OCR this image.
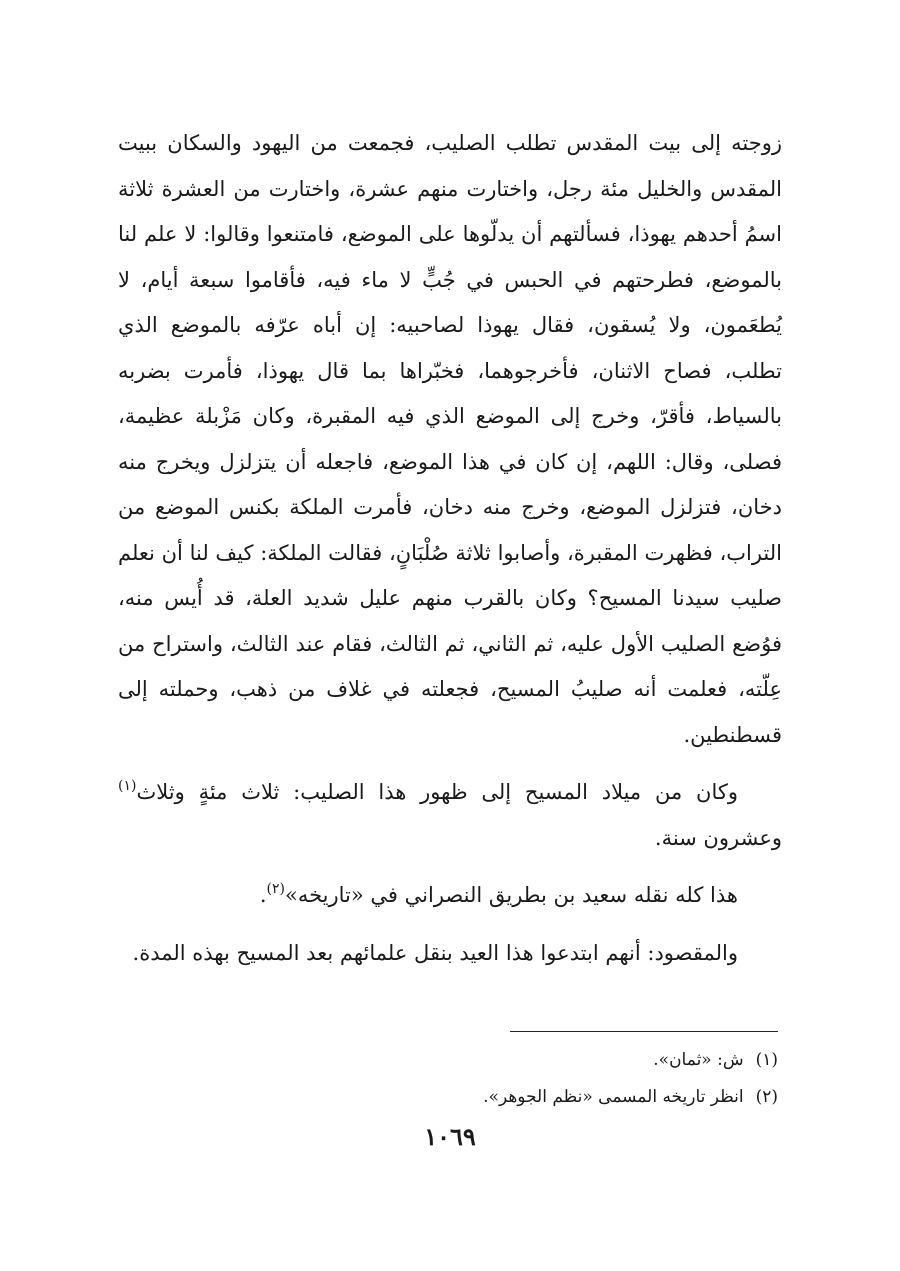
زوجته إلى بيت المقدس تطلب الصليب، فجمعت من اليهود والسكان ببيت المقدس والخليل مئة رجل، واختارت منهم عشرة، واختارت من العشرة ثلاثة اسمُ أحدهم يهوذا، فسألتهم أن يدلّوها على الموضع، فامتنعوا وقالوا: لا علم لنا بالموضع، فطرحتهم في الحبس في جُبٍّ لا ماء فيه، فأقاموا سبعة أيام، لا يُطعَمون، ولا يُسقون، فقال يهوذا لصاحبيه: إن أباه عرّفه بالموضع الذي تطلب، فصاح الاثنان، فأخرجوهما، فخبّراها بما قال يهوذا، فأمرت بضربه بالسياط، فأقرّ، وخرج إلى الموضع الذي فيه المقبرة، وكان مَزْبلة عظيمة، فصلى، وقال: اللهم، إن كان في هذا الموضع، فاجعله أن يتزلزل ويخرج منه دخان، فتزلزل الموضع، وخرج منه دخان، فأمرت الملكة بكنس الموضع من التراب، فظهرت المقبرة، وأصابوا ثلاثة صُلْبَانٍ، فقالت الملكة: كيف لنا أن نعلم صليب سيدنا المسيح؟ وكان بالقرب منهم عليل شديد العلة، قد أُيس منه، فوُضع الصليب الأول عليه، ثم الثاني، ثم الثالث، فقام عند الثالث، واستراح من عِلّته، فعلمت أنه صليبُ المسيح، فجعلته في غلاف من ذهب، وحملته إلى قسطنطين.

وكان من ميلاد المسيح إلى ظهور هذا الصليب: ثلاث مئةٍ وثلاث$^{(١)}$ وعشرون سنة.

هذا كله نقله سعيد بن بطريق النصراني في «تاريخه»$^{(٢)}$.

والمقصود: أنهم ابتدعوا هذا العيد بنقل علمائهم بعد المسيح بهذه المدة.

(١)ش: «ثمان».
(٢)انظر تاريخه المسمى «نظم الجوهر».
١٠٦٩
